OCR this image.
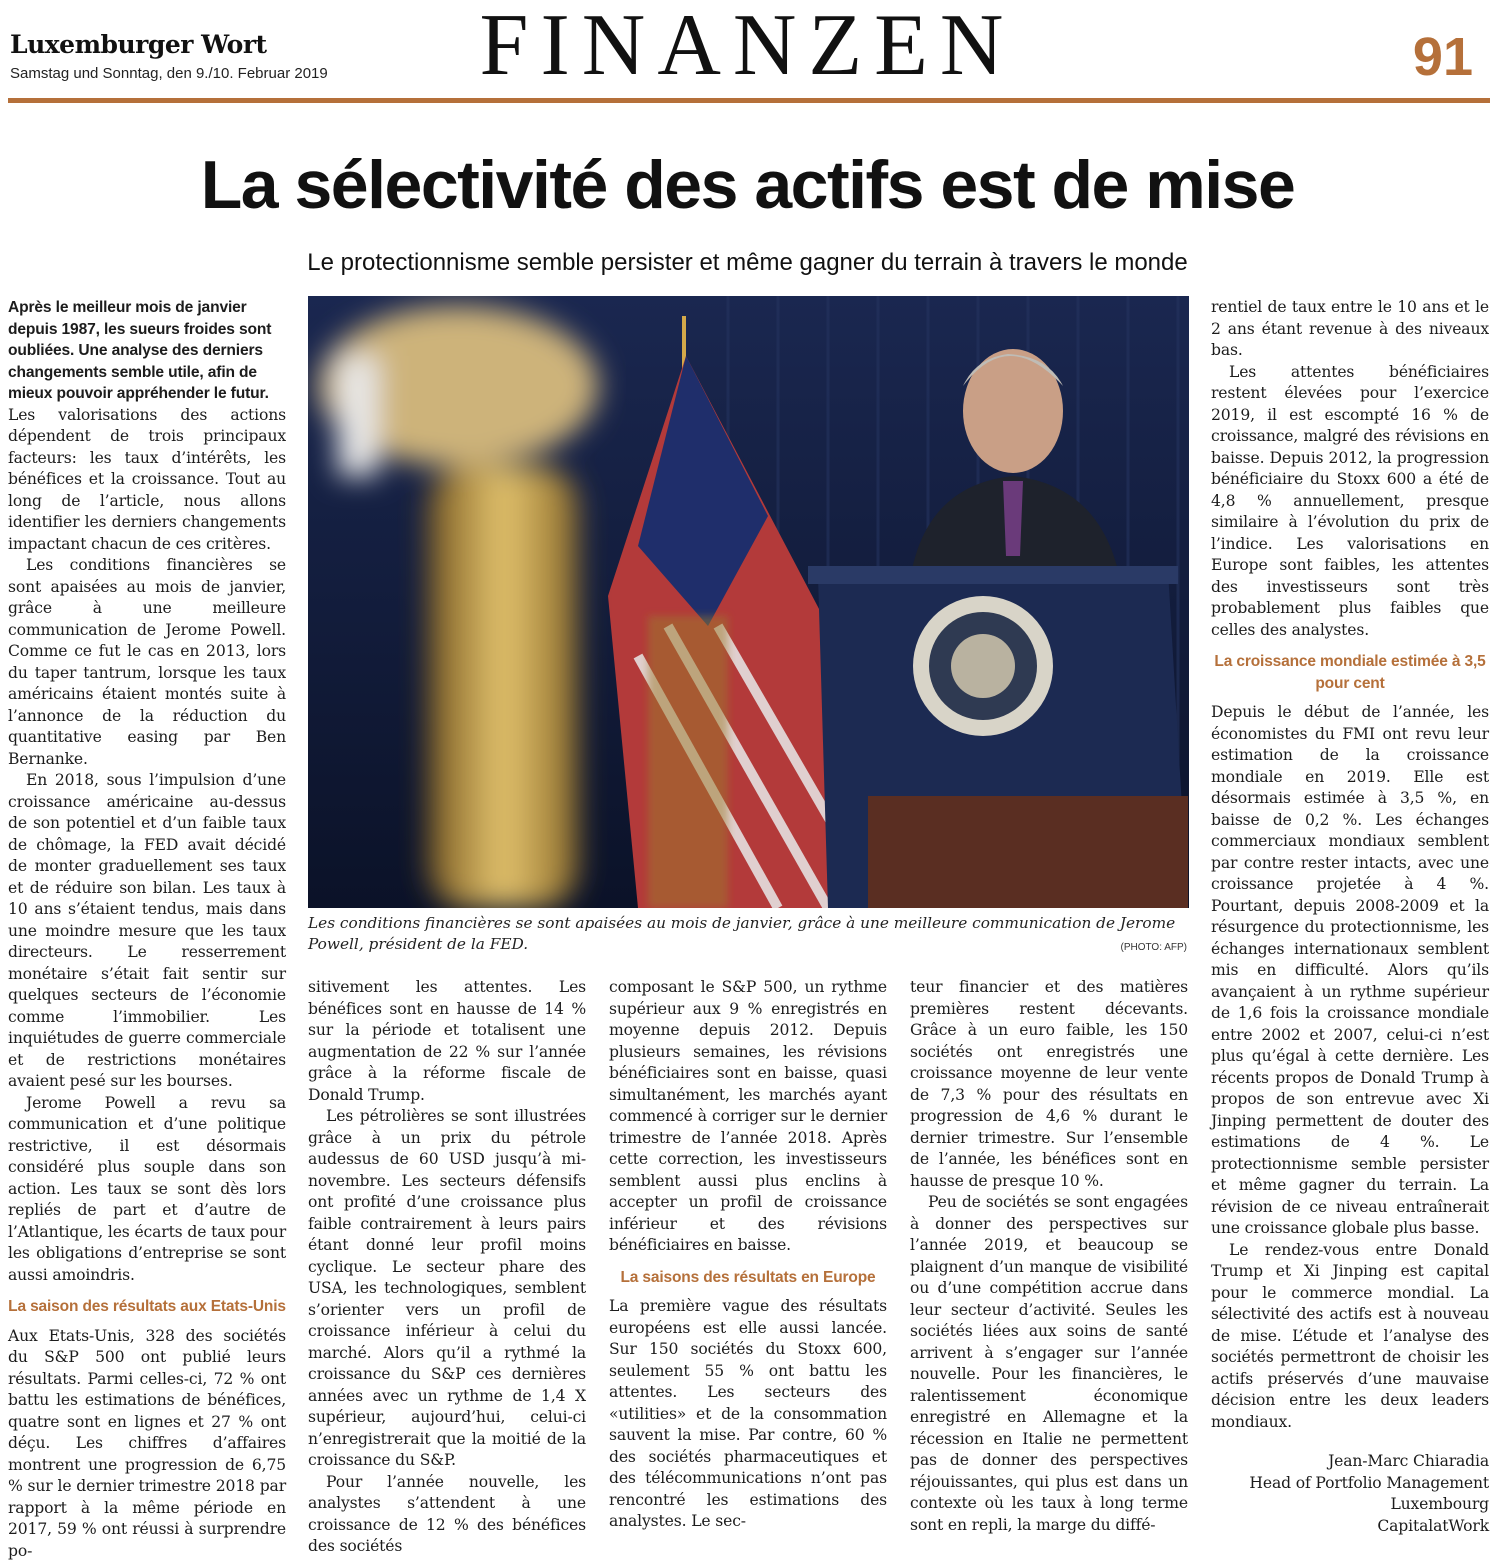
Luxemburger Wort
Samstag und Sonntag, den 9./10. Februar 2019	FINANZEN	91
La sélectivité des actifs est de mise
Le protectionnisme semble persister et même gagner du terrain à travers le monde

Après le meilleur mois de janvier depuis 1987, les sueurs froides sont oubliées. Une analyse des derniers changements semble utile, afin de mieux pouvoir appréhender le futur.

Les valorisations des actions dépendent de trois principaux facteurs: les taux d’intérêts, les bénéfices et la croissance. Tout au long de l’article, nous allons identifier les derniers changements impactant chacun de ces critères.

Les conditions financières se sont apaisées au mois de janvier, grâce à une meilleure communication de Jerome Powell. Comme ce fut le cas en 2013, lors du taper tantrum, lorsque les taux américains étaient montés suite à l’annonce de la réduction du quantitative easing par Ben Bernanke.

En 2018, sous l’impulsion d’une croissance américaine au-dessus de son potentiel et d’un faible taux de chômage, la FED avait décidé de monter graduellement ses taux et de réduire son bilan. Les taux à 10 ans s’étaient tendus, mais dans une moindre mesure que les taux directeurs. Le resserrement monétaire s’était fait sentir sur quelques secteurs de l’économie comme l’immobilier. Les inquiétudes de guerre commerciale et de restrictions monétaires avaient pesé sur les bourses.

Jerome Powell a revu sa communication et d’une politique restrictive, il est désormais considéré plus souple dans son action. Les taux se sont dès lors repliés de part et d’autre de l’Atlantique, les écarts de taux pour les obligations d’entreprise se sont aussi amoindris.

La saison des résultats aux Etats-Unis

Aux Etats-Unis, 328 des sociétés du S&P 500 ont publié leurs résultats. Parmi celles-ci, 72 % ont battu les estimations de bénéfices, quatre sont en lignes et 27 % ont déçu. Les chiffres d’affaires montrent une progression de 6,75 % sur le dernier trimestre 2018 par rapport à la même période en 2017, 59 % ont réussi à surprendre po-

Les conditions financières se sont apaisées au mois de janvier, grâce à une meilleure communication de Jerome Powell, président de la FED.	(PHOTO: AFP)

sitivement les attentes. Les bénéfices sont en hausse de 14 % sur la période et totalisent une augmentation de 22 % sur l’année grâce à la réforme fiscale de Donald Trump.

Les pétrolières se sont illustrées grâce à un prix du pétrole audessus de 60 USD jusqu’à mi-novembre. Les secteurs défensifs ont profité d’une croissance plus faible contrairement à leurs pairs étant donné leur profil moins cyclique. Le secteur phare des USA, les technologiques, semblent s’orienter vers un profil de croissance inférieur à celui du marché. Alors qu’il a rythmé la croissance du S&P ces dernières années avec un rythme de 1,4 X supérieur, aujourd’hui, celui-ci n’enregistrerait que la moitié de la croissance du S&P.

Pour l’année nouvelle, les analystes s’attendent à une croissance de 12 % des bénéfices des sociétés

composant le S&P 500, un rythme supérieur aux 9 % enregistrés en moyenne depuis 2012. Depuis plusieurs semaines, les révisions bénéficiaires sont en baisse, quasi simultanément, les marchés ayant commencé à corriger sur le dernier trimestre de l’année 2018. Après cette correction, les investisseurs semblent aussi plus enclins à accepter un profil de croissance inférieur et des révisions bénéficiaires en baisse.

La saisons des résultats en Europe

La première vague des résultats européens est elle aussi lancée. Sur 150 sociétés du Stoxx 600, seulement 55 % ont battu les attentes. Les secteurs des «utilities» et de la consommation sauvent la mise. Par contre, 60 % des sociétés pharmaceutiques et des télécommunications n’ont pas rencontré les estimations des analystes. Le sec-

teur financier et des matières premières restent décevants. Grâce à un euro faible, les 150 sociétés ont enregistrés une croissance moyenne de leur vente de 7,3 % pour des résultats en progression de 4,6 % durant le dernier trimestre. Sur l’ensemble de l’année, les bénéfices sont en hausse de presque 10 %.

Peu de sociétés se sont engagées à donner des perspectives sur l’année 2019, et beaucoup se plaignent d’un manque de visibilité ou d’une compétition accrue dans leur secteur d’activité. Seules les sociétés liées aux soins de santé arrivent à s’engager sur l’année nouvelle. Pour les financières, le ralentissement économique enregistré en Allemagne et la récession en Italie ne permettent pas de donner des perspectives réjouissantes, qui plus est dans un contexte où les taux à long terme sont en repli, la marge du diffé-

rentiel de taux entre le 10 ans et le 2 ans étant revenue à des niveaux bas.

Les attentes bénéficiaires restent élevées pour l’exercice 2019, il est escompté 16 % de croissance, malgré des révisions en baisse. Depuis 2012, la progression bénéficiaire du Stoxx 600 a été de 4,8 % annuellement, presque similaire à l’évolution du prix de l’indice. Les valorisations en Europe sont faibles, les attentes des investisseurs sont très probablement plus faibles que celles des analystes.

La croissance mondiale estimée à 3,5 pour cent

Depuis le début de l’année, les économistes du FMI ont revu leur estimation de la croissance mondiale en 2019. Elle est désormais estimée à 3,5 %, en baisse de 0,2 %. Les échanges commerciaux mondiaux semblent par contre rester intacts, avec une croissance projetée à 4 %. Pourtant, depuis 2008-2009 et la résurgence du protectionnisme, les échanges internationaux semblent mis en difficulté. Alors qu’ils avançaient à un rythme supérieur de 1,6 fois la croissance mondiale entre 2002 et 2007, celui-ci n’est plus qu’égal à cette dernière. Les récents propos de Donald Trump à propos de son entrevue avec Xi Jinping permettent de douter des estimations de 4 %. Le protectionnisme semble persister et même gagner du terrain. La révision de ce niveau entraînerait une croissance globale plus basse.

Le rendez-vous entre Donald Trump et Xi Jinping est capital pour le commerce mondial. La sélectivité des actifs est à nouveau de mise. L’étude et l’analyse des sociétés permettront de choisir les actifs préservés d’une mauvaise décision entre les deux leaders mondiaux.

Jean-Marc Chiaradia
Head of Portfolio Management
Luxembourg
CapitalatWork
